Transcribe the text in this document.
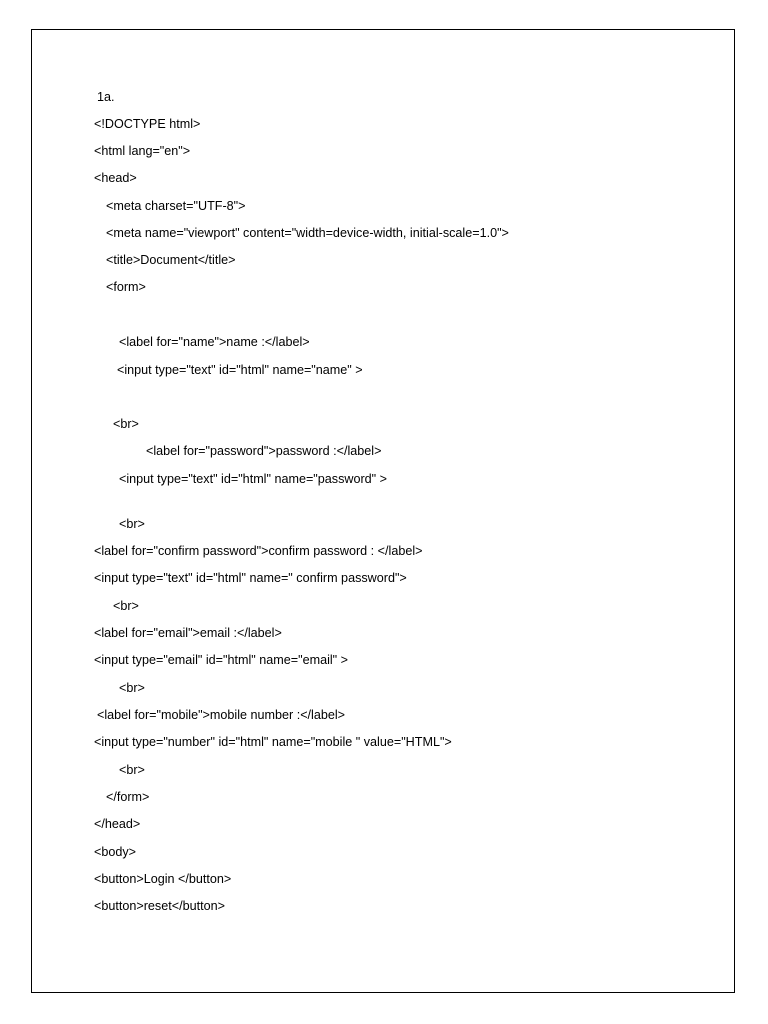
1a.
<!DOCTYPE html>
<html lang="en">
<head>
<meta charset="UTF-8">
<meta name="viewport" content="width=device-width, initial-scale=1.0">
<title>Document</title>
<form>
<label for="name">name :</label>
<input type="text" id="html" name="name" >
<br>
<label for="password">password :</label>
<input type="text" id="html" name="password" >
<br>
<label for="confirm password">confirm password : </label>
<input type="text" id="html" name=" confirm password">
<br>
<label for="email">email :</label>
<input type="email" id="html" name="email" >
<br>
<label for="mobile">mobile number :</label>
<input type="number" id="html" name="mobile " value="HTML">
<br>
</form>
</head>
<body>
<button>Login </button>
<button>reset</button>
